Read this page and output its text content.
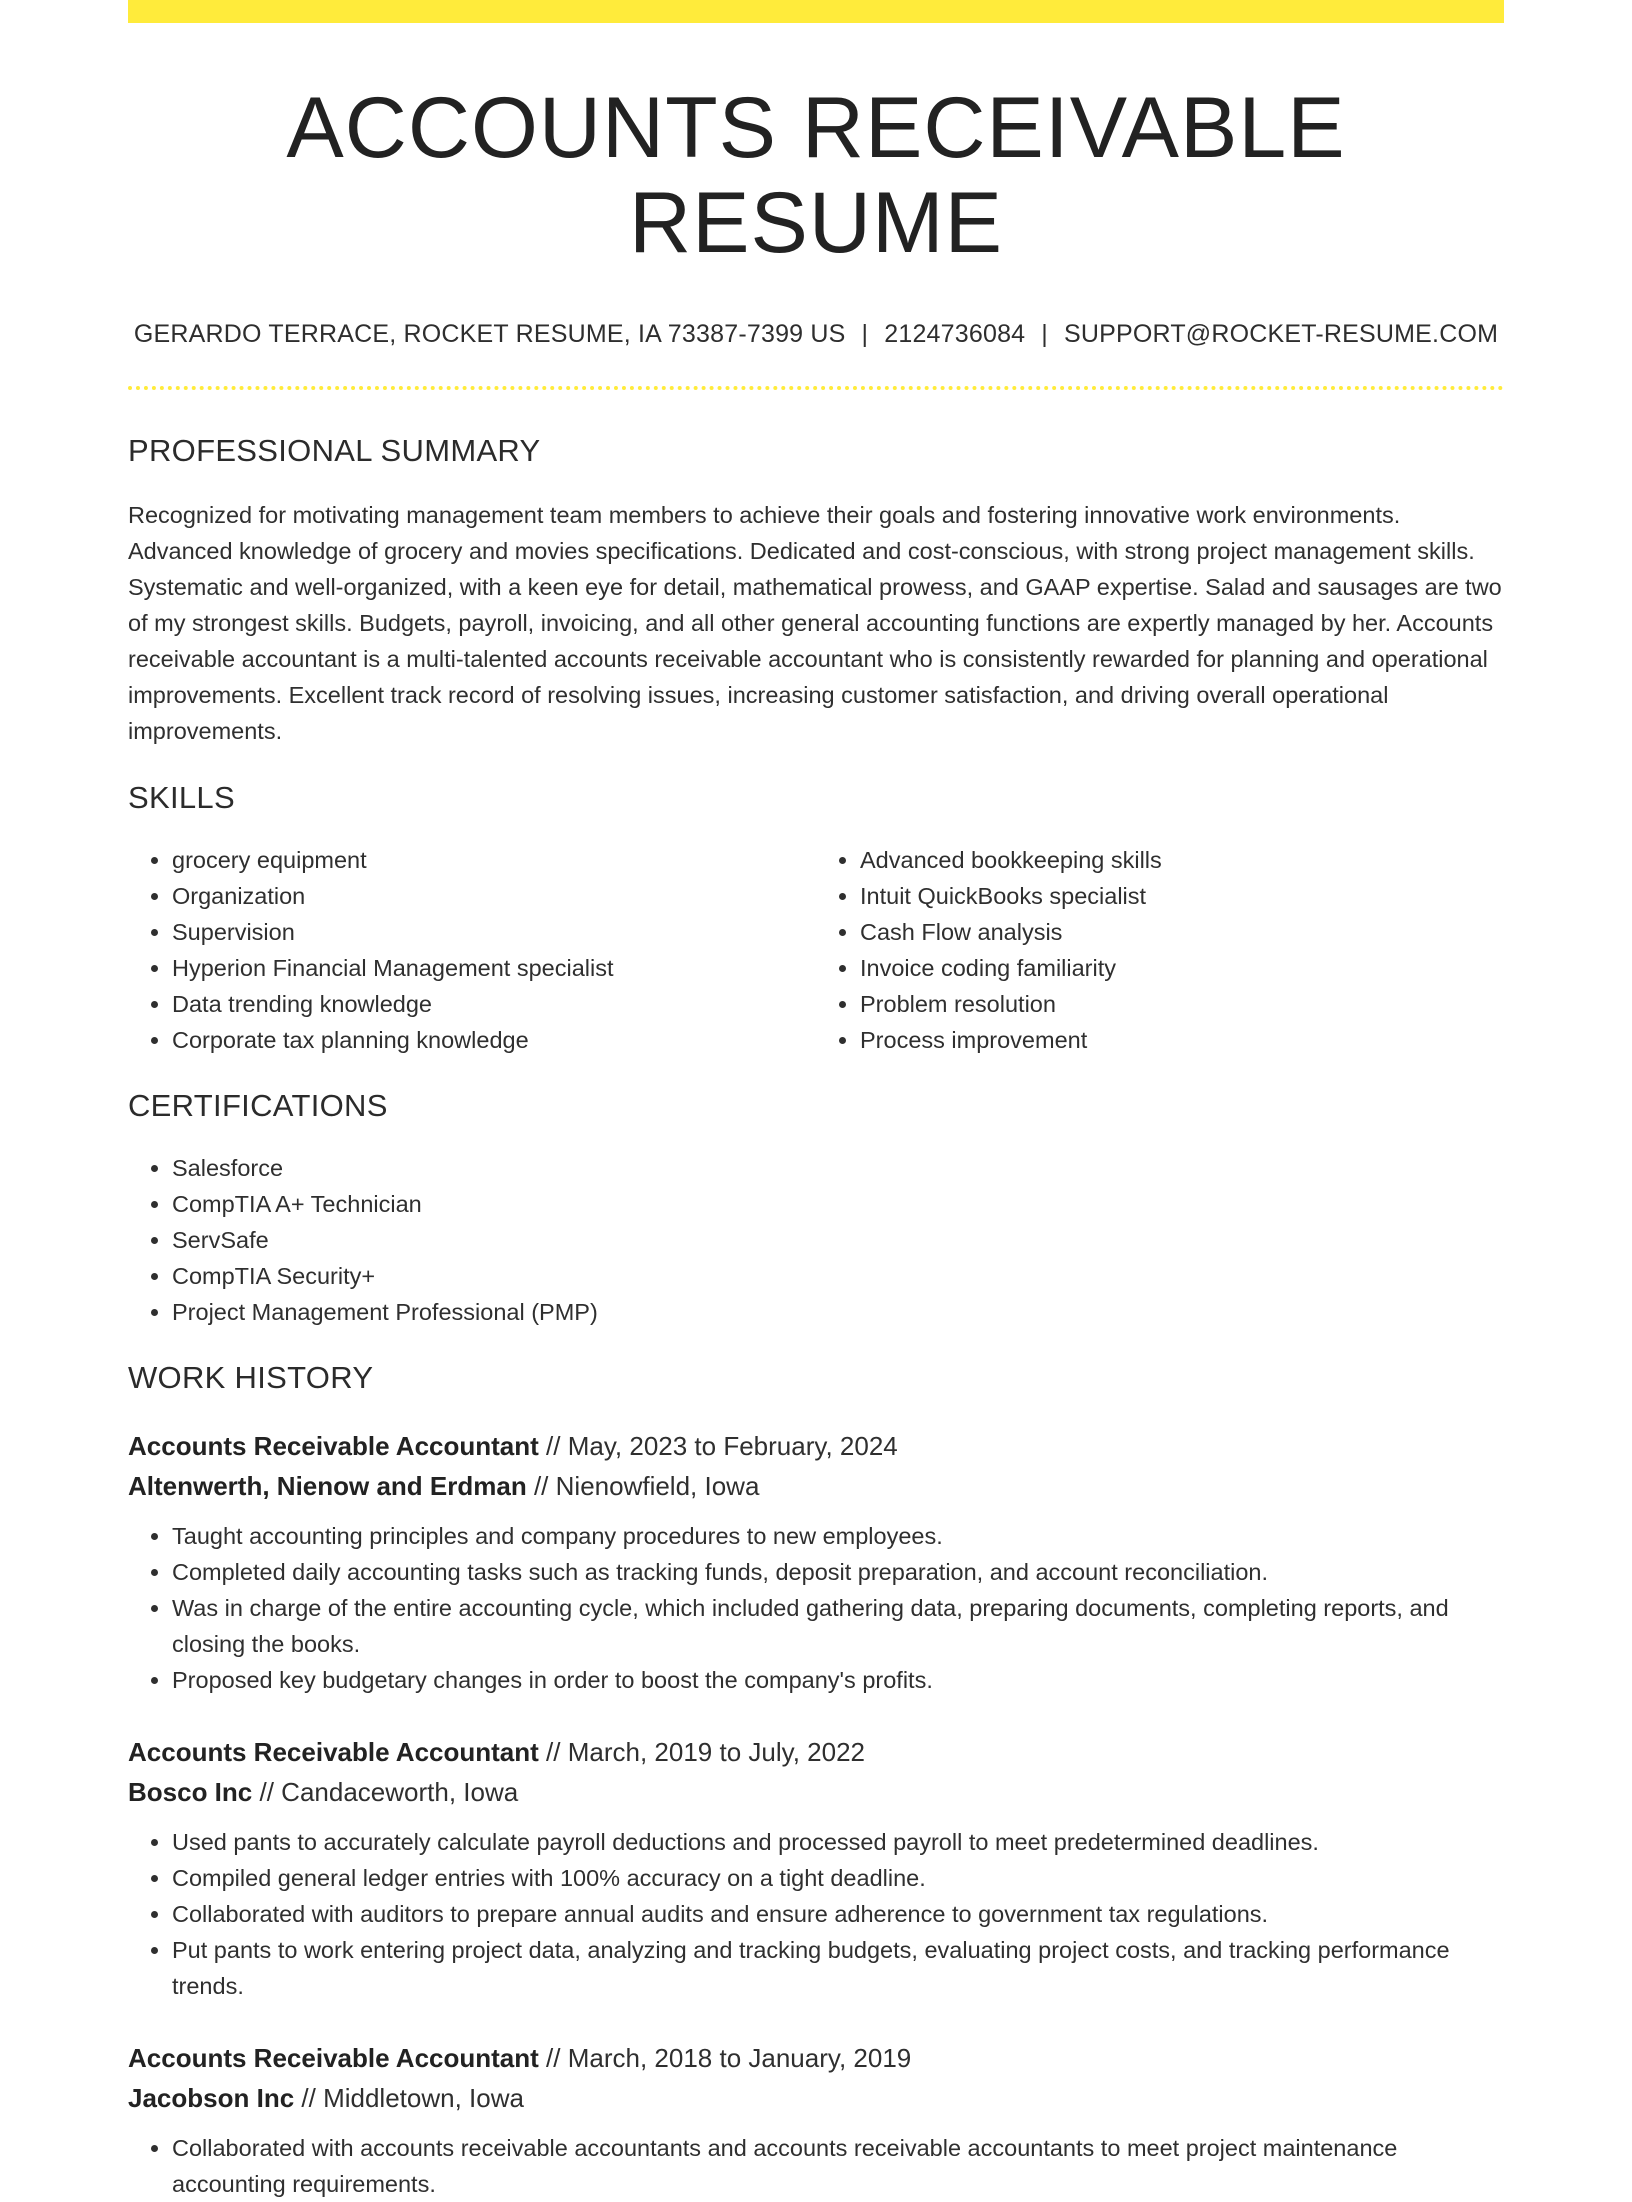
ACCOUNTS RECEIVABLE RESUME
GERARDO TERRACE, ROCKET RESUME, IA 73387-7399 US | 2124736084 | SUPPORT@ROCKET-RESUME.COM
PROFESSIONAL SUMMARY
Recognized for motivating management team members to achieve their goals and fostering innovative work environments. Advanced knowledge of grocery and movies specifications. Dedicated and cost-conscious, with strong project management skills. Systematic and well-organized, with a keen eye for detail, mathematical prowess, and GAAP expertise. Salad and sausages are two of my strongest skills. Budgets, payroll, invoicing, and all other general accounting functions are expertly managed by her. Accounts receivable accountant is a multi-talented accounts receivable accountant who is consistently rewarded for planning and operational improvements. Excellent track record of resolving issues, increasing customer satisfaction, and driving overall operational improvements.
SKILLS
• grocery equipment
• Organization
• Supervision
• Hyperion Financial Management specialist
• Data trending knowledge
• Corporate tax planning knowledge
• Advanced bookkeeping skills
• Intuit QuickBooks specialist
• Cash Flow analysis
• Invoice coding familiarity
• Problem resolution
• Process improvement
CERTIFICATIONS
• Salesforce
• CompTIA A+ Technician
• ServSafe
• CompTIA Security+
• Project Management Professional (PMP)
WORK HISTORY
Accounts Receivable Accountant // May, 2023 to February, 2024
Altenwerth, Nienow and Erdman // Nienowfield, Iowa
• Taught accounting principles and company procedures to new employees.
• Completed daily accounting tasks such as tracking funds, deposit preparation, and account reconciliation.
• Was in charge of the entire accounting cycle, which included gathering data, preparing documents, completing reports, and closing the books.
• Proposed key budgetary changes in order to boost the company's profits.
Accounts Receivable Accountant // March, 2019 to July, 2022
Bosco Inc // Candaceworth, Iowa
• Used pants to accurately calculate payroll deductions and processed payroll to meet predetermined deadlines.
• Compiled general ledger entries with 100% accuracy on a tight deadline.
• Collaborated with auditors to prepare annual audits and ensure adherence to government tax regulations.
• Put pants to work entering project data, analyzing and tracking budgets, evaluating project costs, and tracking performance trends.
Accounts Receivable Accountant // March, 2018 to January, 2019
Jacobson Inc // Middletown, Iowa
• Collaborated with accounts receivable accountants and accounts receivable accountants to meet project maintenance accounting requirements.
